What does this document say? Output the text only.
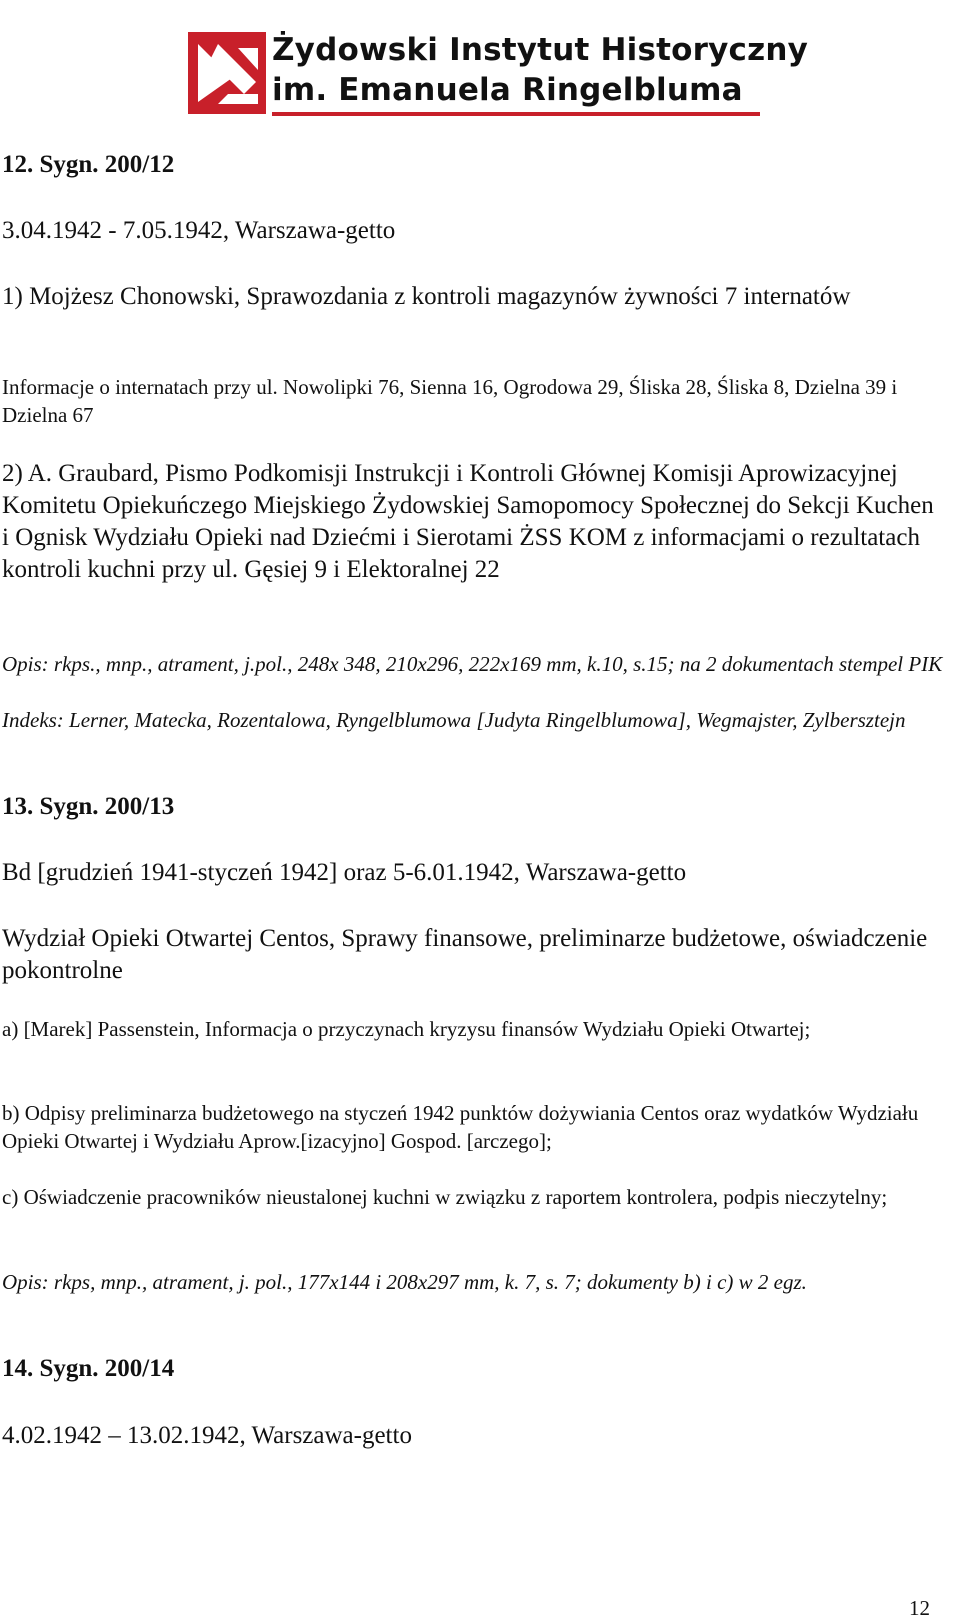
Żydowski Instytut Historyczny
im. Emanuela Ringelbluma

12. Sygn. 200/12

3.04.1942 - 7.05.1942, Warszawa-getto

1) Mojżesz Chonowski, Sprawozdania z kontroli magazynów żywności 7 internatów

Informacje o internatach przy ul. Nowolipki 76, Sienna 16, Ogrodowa 29, Śliska 28, Śliska 8, Dzielna 39 i Dzielna 67

2) A. Graubard, Pismo Podkomisji Instrukcji i Kontroli Głównej Komisji Aprowizacyjnej Komitetu Opiekuńczego Miejskiego Żydowskiej Samopomocy Społecznej do Sekcji Kuchen i Ognisk Wydziału Opieki nad Dziećmi i Sierotami ŻSS KOM z informacjami o rezultatach kontroli kuchni przy ul. Gęsiej 9 i Elektoralnej 22

Opis: rkps., mnp., atrament, j.pol., 248x 348, 210x296, 222x169 mm, k.10, s.15; na 2 dokumentach stempel PIK

Indeks: Lerner, Matecka, Rozentalowa, Ryngelblumowa [Judyta Ringelblumowa], Wegmajster, Zylbersztejn

13. Sygn. 200/13

Bd [grudzień 1941-styczeń 1942] oraz 5-6.01.1942, Warszawa-getto

Wydział Opieki Otwartej Centos, Sprawy finansowe, preliminarze budżetowe, oświadczenie pokontrolne

a) [Marek] Passenstein, Informacja o przyczynach kryzysu finansów Wydziału Opieki Otwartej;

b) Odpisy preliminarza budżetowego na styczeń 1942 punktów dożywiania Centos oraz wydatków Wydziału Opieki Otwartej i Wydziału Aprow.[izacyjno] Gospod. [arczego];

c) Oświadczenie pracowników nieustalonej kuchni w związku z raportem kontrolera, podpis nieczytelny;

Opis: rkps, mnp., atrament, j. pol., 177x144 i 208x297 mm, k. 7, s. 7; dokumenty b) i c) w 2 egz.

14. Sygn. 200/14

4.02.1942 – 13.02.1942, Warszawa-getto

12
